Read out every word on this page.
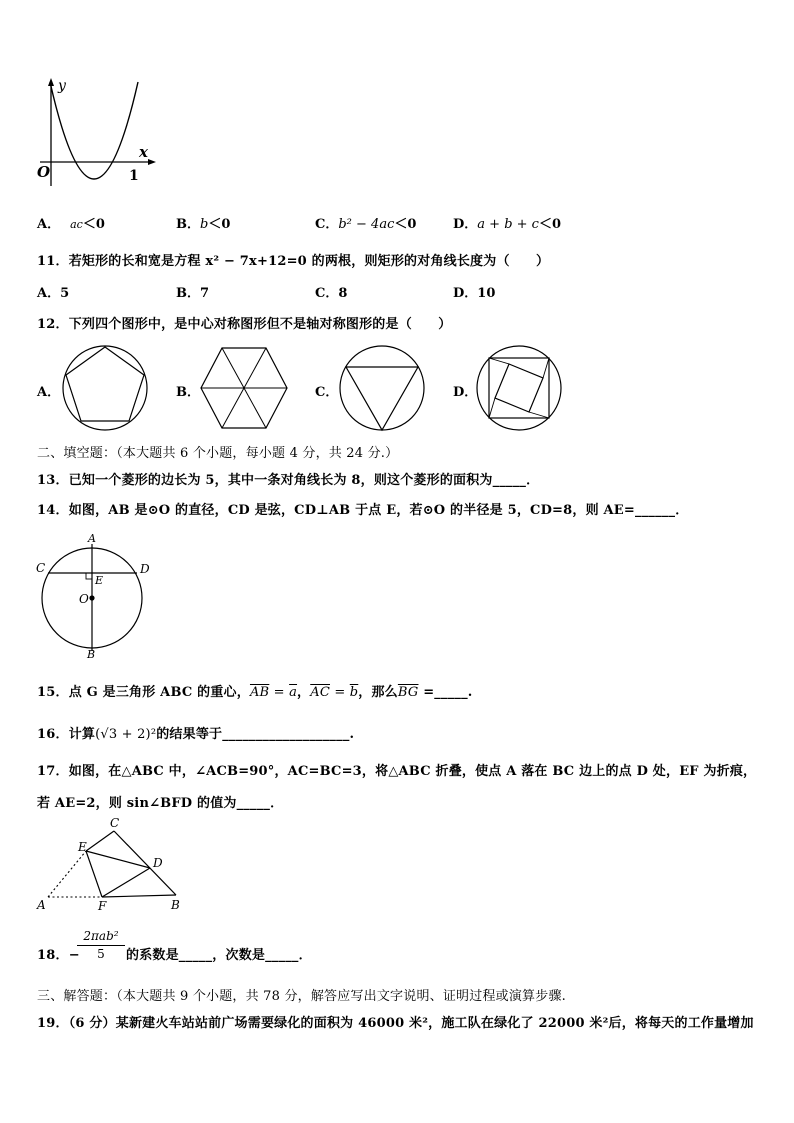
y
x
O	1
A． ac＜0	B．b＜0	C．b² − 4ac＜0	D．a + b + c＜0
11．若矩形的长和宽是方程 x² − 7x+12=0 的两根，则矩形的对角线长度为（　　）
A．5	B．7	C．8	D．10
12．下列四个图形中，是中心对称图形但不是轴对称图形的是（　　）
A．	B．	C．	D．
二、填空题：（本大题共 6 个小题，每小题 4 分，共 24 分.）
13．已知一个菱形的边长为 5，其中一条对角线长为 8，则这个菱形的面积为_____．
14．如图，AB 是⊙O 的直径，CD 是弦，CD⊥AB 于点 E，若⊙O 的半径是 5，CD=8，则 AE=______．
A
C	D
E
O
B
15．点 G 是三角形 ABC 的重心，$\overline{AB} = \overline{a}$，$\overline{AC} = \overline{b}$，那么$\overline{BG}$ =_____.
16．计算(√3 + 2)²的结果等于___________________.
17．如图，在△ABC 中，∠ACB=90°，AC=BC=3，将△ABC 折叠，使点 A 落在 BC 边上的点 D 处，EF 为折痕，
若 AE=2，则 sin∠BFD 的值为_____．
C
E
D
A	F	B
18．−
2πab²
5	的系数是_____，次数是_____．
三、解答题：（本大题共 9 个小题，共 78 分，解答应写出文字说明、证明过程或演算步骤.
19．（6 分）某新建火车站站前广场需要绿化的面积为 46000 米²，施工队在绿化了 22000 米²后，将每天的工作量增加
